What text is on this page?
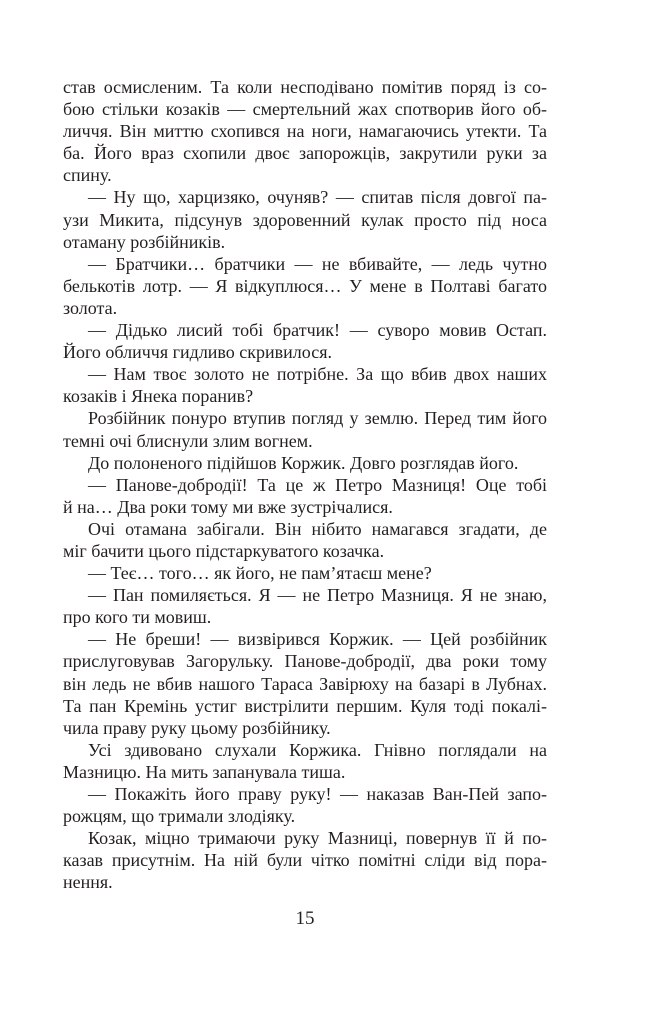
став осмисленим. Та коли несподівано помітив поряд із со-
бою стільки козаків — смертельний жах спотворив його об-
личчя. Він миттю схопився на ноги, намагаючись утекти. Та
ба. Його враз схопили двоє запорожців, закрутили руки за
спину.
— Ну що, харцизяко, очуняв? — спитав після довгої па-
узи Микита, підсунув здоровенний кулак просто під носа
отаману розбійників.
— Братчики… братчики — не вбивайте, — ледь чутно
белькотів лотр. — Я відкуплюся… У мене в Полтаві багато
золота.
— Дідько лисий тобі братчик! — суворо мовив Остап.
Його обличчя гидливо скривилося.
— Нам твоє золото не потрібне. За що вбив двох наших
козаків і Янека поранив?
Розбійник понуро втупив погляд у землю. Перед тим його
темні очі блиснули злим вогнем.
До полоненого підійшов Коржик. Довго розглядав його.
— Панове-добродії! Та це ж Петро Мазниця! Оце тобі
й на… Два роки тому ми вже зустрічалися.
Очі отамана забігали. Він нібито намагався згадати, де
міг бачити цього підстаркуватого козачка.
— Теє… того… як його, не пам’ятаєш мене?
— Пан помиляється. Я — не Петро Мазниця. Я не знаю,
про кого ти мовиш.
— Не бреши! — визвірився Коржик. — Цей розбійник
прислуговував Загорульку. Панове-добродії, два роки тому
він ледь не вбив нашого Тараса Завірюху на базарі в Лубнах.
Та пан Кремінь устиг вистрілити першим. Куля тоді покалі-
чила праву руку цьому розбійнику.
Усі здивовано слухали Коржика. Гнівно поглядали на
Мазницю. На мить запанувала тиша.
— Покажіть його праву руку! — наказав Ван-Пей запо-
рожцям, що тримали злодіяку.
Козак, міцно тримаючи руку Мазниці, повернув її й по-
казав присутнім. На ній були чітко помітні сліди від пора-
нення.
15
